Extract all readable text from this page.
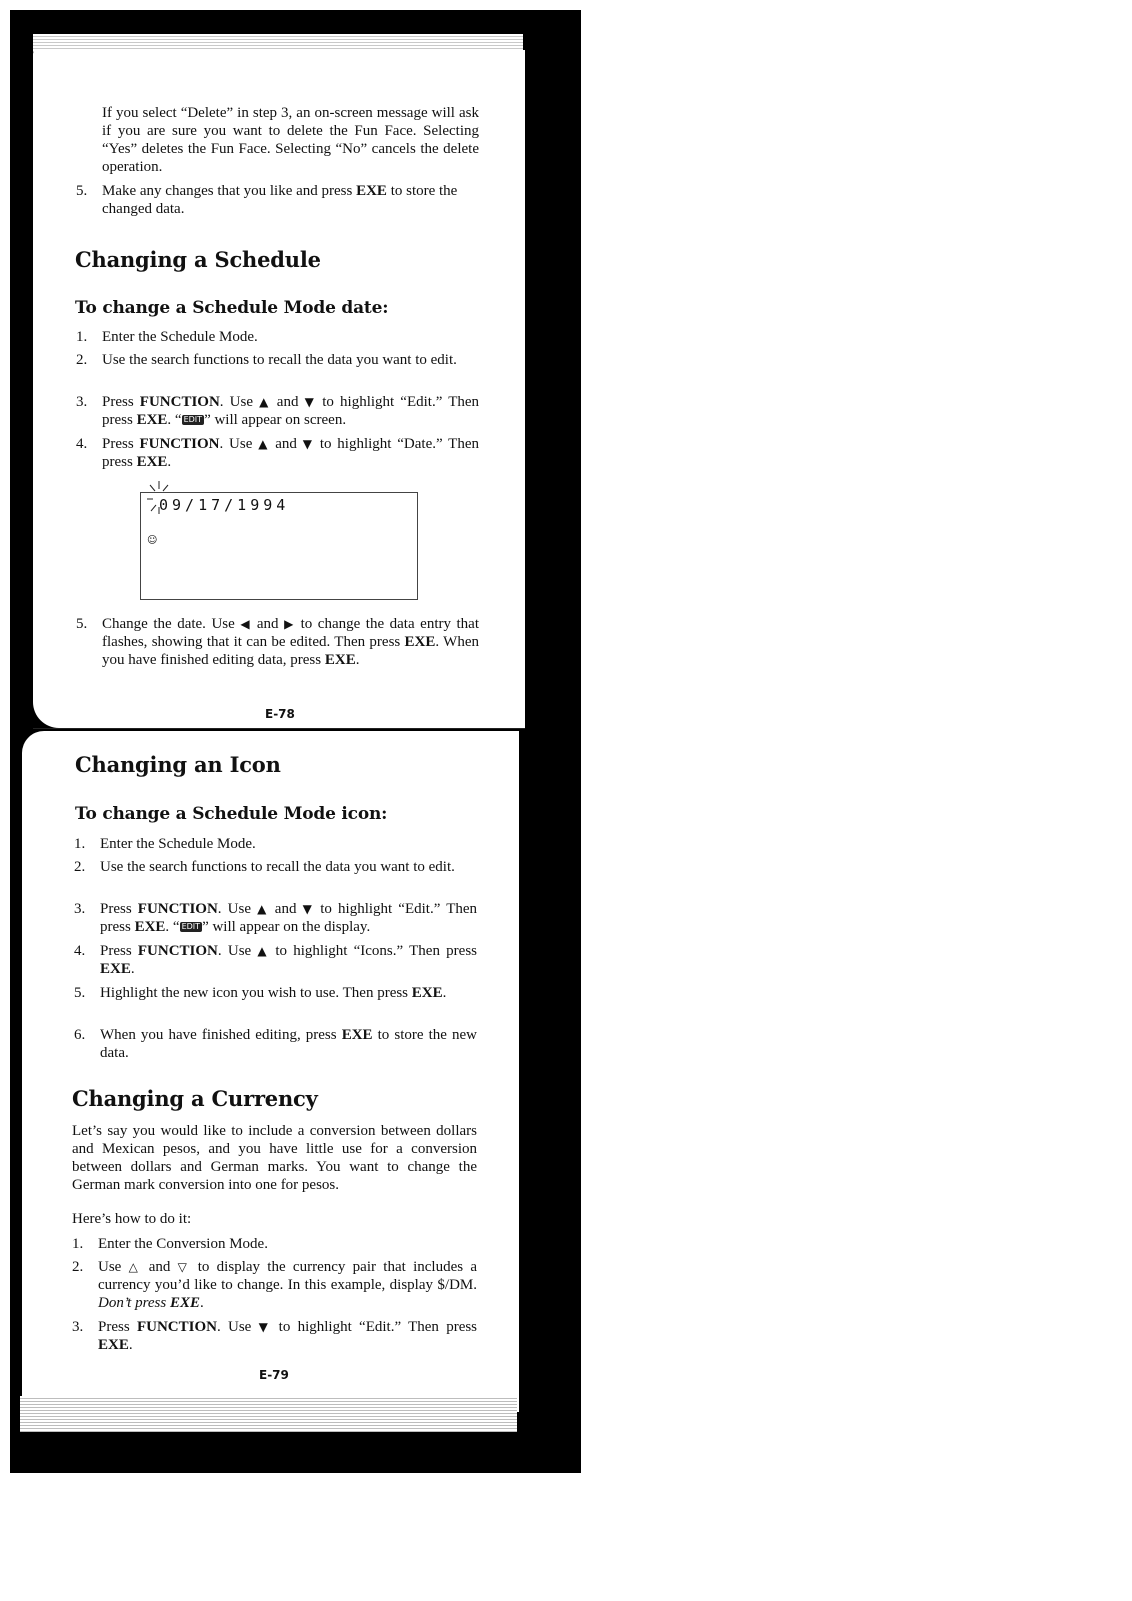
If you select “Delete” in step 3, an on-screen message will ask if you are sure you want to delete the Fun Face. Selecting “Yes” deletes the Fun Face. Selecting “No” cancels the delete operation.

5. Make any changes that you like and press EXE to store the changed data.

Changing a Schedule
To change a Schedule Mode date:
1. Enter the Schedule Mode.

2. Use the search functions to recall the data you want to edit.

3. Press FUNCTION. Use ▲ and ▼ to highlight “Edit.” Then press EXE. “ EDIT ” will appear on screen.

4. Press FUNCTION. Use ▲ and ▼ to highlight “Date.” Then press EXE.

09/17/1994
☺
5. Change the date. Use ◀ and ▶ to change the data entry that flashes, showing that it can be edited. Then press EXE. When you have finished editing data, press EXE.

E-78
Changing an Icon
To change a Schedule Mode icon:
1. Enter the Schedule Mode.

2. Use the search functions to recall the data you want to edit.

3. Press FUNCTION. Use ▲ and ▼ to highlight “Edit.” Then press EXE. “ EDIT ” will appear on the display.

4. Press FUNCTION. Use ▲ to highlight “Icons.” Then press EXE.

5. Highlight the new icon you wish to use. Then press EXE.

6. When you have finished editing, press EXE to store the new data.

Changing a Currency

Let’s say you would like to include a conversion between dollars and Mexican pesos, and you have little use for a conversion between dollars and German marks. You want to change the German mark conversion into one for pesos.

Here’s how to do it:

1. Enter the Conversion Mode.

2. Use △ and ▽ to display the currency pair that includes a currency you’d like to change. In this example, display $/DM. Don’t press EXE.

3. Press FUNCTION. Use ▼ to highlight “Edit.” Then press EXE.

E-79
